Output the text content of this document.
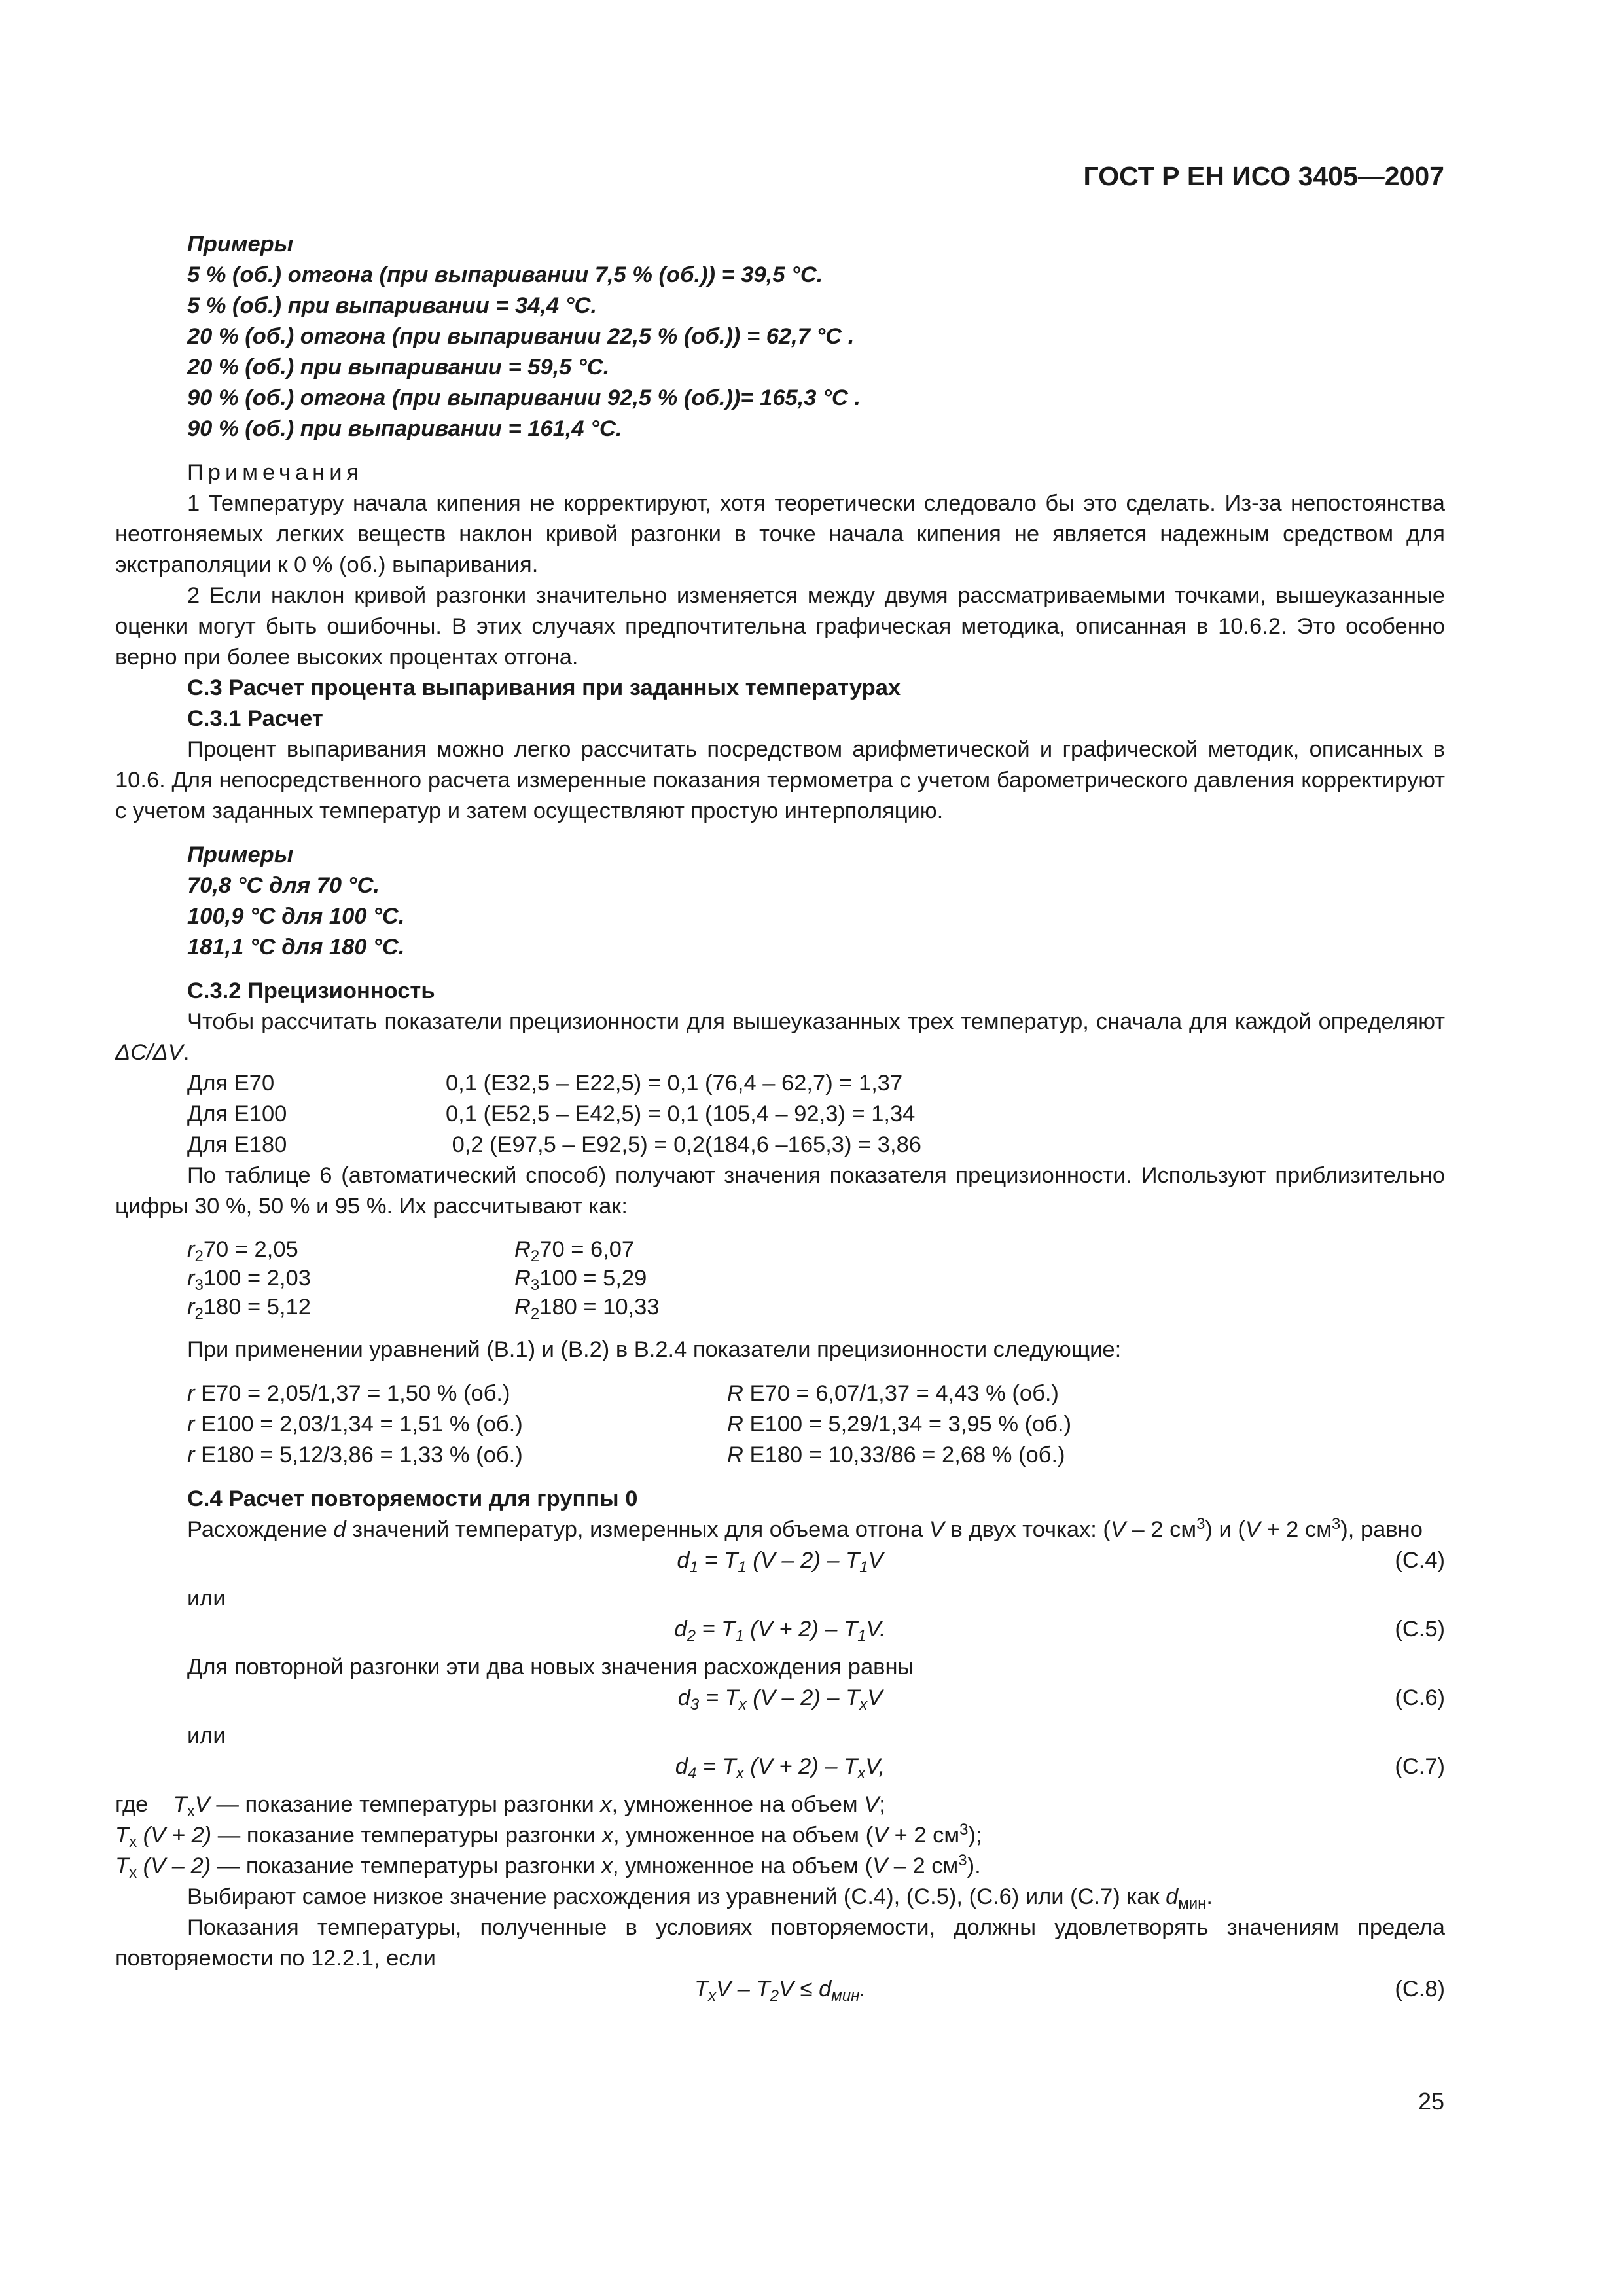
ГОСТ Р ЕН ИСО 3405—2007

Примеры

5 % (об.) отгона (при выпаривании 7,5 % (об.)) = 39,5 °С.

5 % (об.) при выпаривании = 34,4 °С.

20 % (об.) отгона (при выпаривании 22,5 % (об.)) = 62,7 °С .

20 % (об.) при выпаривании = 59,5 °С.

90 % (об.) отгона (при выпаривании 92,5 % (об.))= 165,3 °С .

90 % (об.) при выпаривании = 161,4 °С.

Примечания

1 Температуру начала кипения не корректируют, хотя теоретически следовало бы это сделать. Из-за непостоянства неотгоняемых легких веществ наклон кривой разгонки в точке начала кипения не является надежным средством для экстраполяции к 0 % (об.) выпаривания.

2 Если наклон кривой разгонки значительно изменяется между двумя рассматриваемыми точками, вышеуказанные оценки могут быть ошибочны. В этих случаях предпочтительна графическая методика, описанная в 10.6.2. Это особенно верно при более высоких процентах отгона.

С.3 Расчет процента выпаривания при заданных температурах

С.3.1 Расчет

Процент выпаривания можно легко рассчитать посредством арифметической и графической методик, описанных в 10.6. Для непосредственного расчета измеренные показания термометра с учетом барометрического давления корректируют с учетом заданных температур и затем осуществляют простую интерполяцию.

Примеры

70,8 °С для 70 °С.

100,9 °С для 100 °С.

181,1 °С для 180 °С.

С.3.2 Прецизионность

Чтобы рассчитать показатели прецизионности для вышеуказанных трех температур, сначала для каждой определяют ΔC/ΔV.

Для Е70	0,1 (Е32,5 – Е22,5) = 0,1 (76,4 – 62,7) = 1,37
Для Е100	0,1 (Е52,5 – Е42,5) = 0,1 (105,4 – 92,3) = 1,34
Для Е180	0,2 (Е97,5 – Е92,5) = 0,2(184,6 –165,3) = 3,86

По таблице 6 (автоматический способ) получают значения показателя прецизионности. Используют приблизительно цифры 30 %, 50 % и 95 %. Их рассчитывают как:

$r_270 = 2,05$	$R_270 = 6,07$
$r_3100 = 2,03$	$R_3100 = 5,29$
$r_2180 = 5,12$	$R_2180 = 10,33$

При применении уравнений (В.1) и (В.2) в В.2.4 показатели прецизионности следующие:

r Е70 = 2,05/1,37 = 1,50 % (об.)	R Е70 = 6,07/1,37 = 4,43 % (об.)
r Е100 = 2,03/1,34 = 1,51 % (об.)	R Е100 = 5,29/1,34 = 3,95 % (об.)
r Е180 = 5,12/3,86 = 1,33 % (об.)	R Е180 = 10,33/86 = 2,68 % (об.)

С.4 Расчет повторяемости для группы 0

Расхождение d значений температур, измеренных для объема отгона V в двух точках: (V – 2 $см^3$) и (V + 2 $см^3$), равно

$d_1 = T_1$ $(V - 2) - T_1V$	(С.4)

или

$d_2 = T_1$ $(V + 2) - T_1V$.	(С.5)

Для повторной разгонки эти два новых значения расхождения равны

$d_3 = T_x$ $(V - 2) - T_xV$	(С.6)

или

$d_4 = T_x$ $(V + 2) - T_xV$,	(С.7)

где $T_xV$ — показание температуры разгонки x, умноженное на объем V;

$T_x$ (V + 2) — показание температуры разгонки x, умноженное на объем (V + 2 $см^3$);

$T_x$ (V – 2) — показание температуры разгонки x, умноженное на объем (V – 2 $см^3$).

Выбирают самое низкое значение расхождения из уравнений (С.4), (С.5), (С.6) или (С.7) как $d_{мин}$.

Показания температуры, полученные в условиях повторяемости, должны удовлетворять значениям предела повторяемости по 12.2.1, если

$T_xV - T_2V \le d_{мин}$.	(С.8)
25
